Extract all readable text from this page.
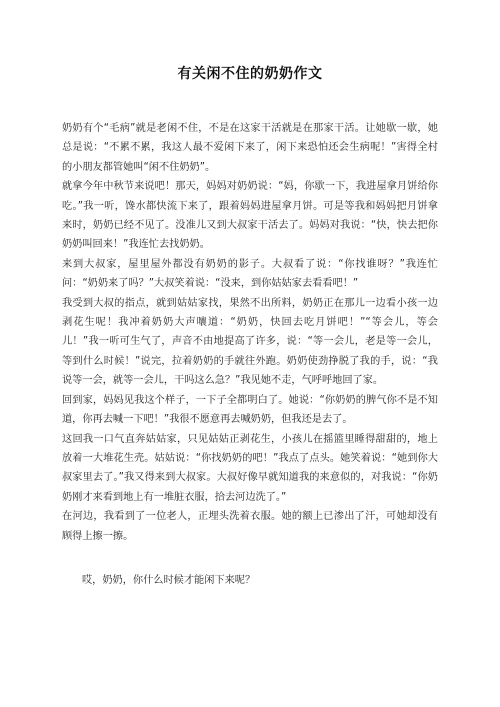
有关闲不住的奶奶作文

奶奶有个“毛病”就是老闲不住，不是在这家干活就是在那家干活。让她歇一歇，她总是说：“不累不累，我这人最不爱闲下来了，闲下来恐怕还会生病呢！”害得全村的小朋友都管她叫“闲不住奶奶”。

就拿今年中秋节来说吧！那天，妈妈对奶奶说：“妈，你歇一下，我进屋拿月饼给你吃。”我一听，馋水都快流下来了，跟着妈妈进屋拿月饼。可是等我和妈妈把月饼拿来时，奶奶已经不见了。没准儿又到大叔家干活去了。妈妈对我说：“快，快去把你奶奶叫回来！”我连忙去找奶奶。

来到大叔家，屋里屋外都没有奶奶的影子。大叔看了说：“你找谁呀？”我连忙问：“奶奶来了吗？”大叔笑着说：“没来，到你姑姑家去看看吧！”

我受到大叔的指点，就到姑姑家找，果然不出所料，奶奶正在那儿一边看小孩一边剥花生呢！我冲着奶奶大声嚷道：“奶奶，快回去吃月饼吧！”“等会儿，等会儿！”我一听可生气了，声音不由地提高了许多，说：“等一会儿，老是等一会儿，等到什么时候！”说完，拉着奶奶的手就往外跑。奶奶使劲挣脱了我的手，说：“我说等一会，就等一会儿，干吗这么急？”我见她不走，气呼呼地回了家。

回到家，妈妈见我这个样子，一下子全都明白了。她说：“你奶奶的脾气你不是不知道，你再去喊一下吧！”我很不愿意再去喊奶奶，但我还是去了。

这回我一口气直奔姑姑家，只见姑姑正剥花生，小孩儿在摇篮里睡得甜甜的，地上放着一大堆花生壳。姑姑说：“你找奶奶的吧！”我点了点头。她笑着说：“她到你大叔家里去了。”我又得来到大叔家。大叔好像早就知道我的来意似的，对我说：“你奶奶刚才来看到地上有一堆脏衣服，拾去河边洗了。”

在河边，我看到了一位老人，正埋头洗着衣服。她的额上已渗出了汗，可她却没有顾得上擦一擦。

哎，奶奶，你什么时候才能闲下来呢？
